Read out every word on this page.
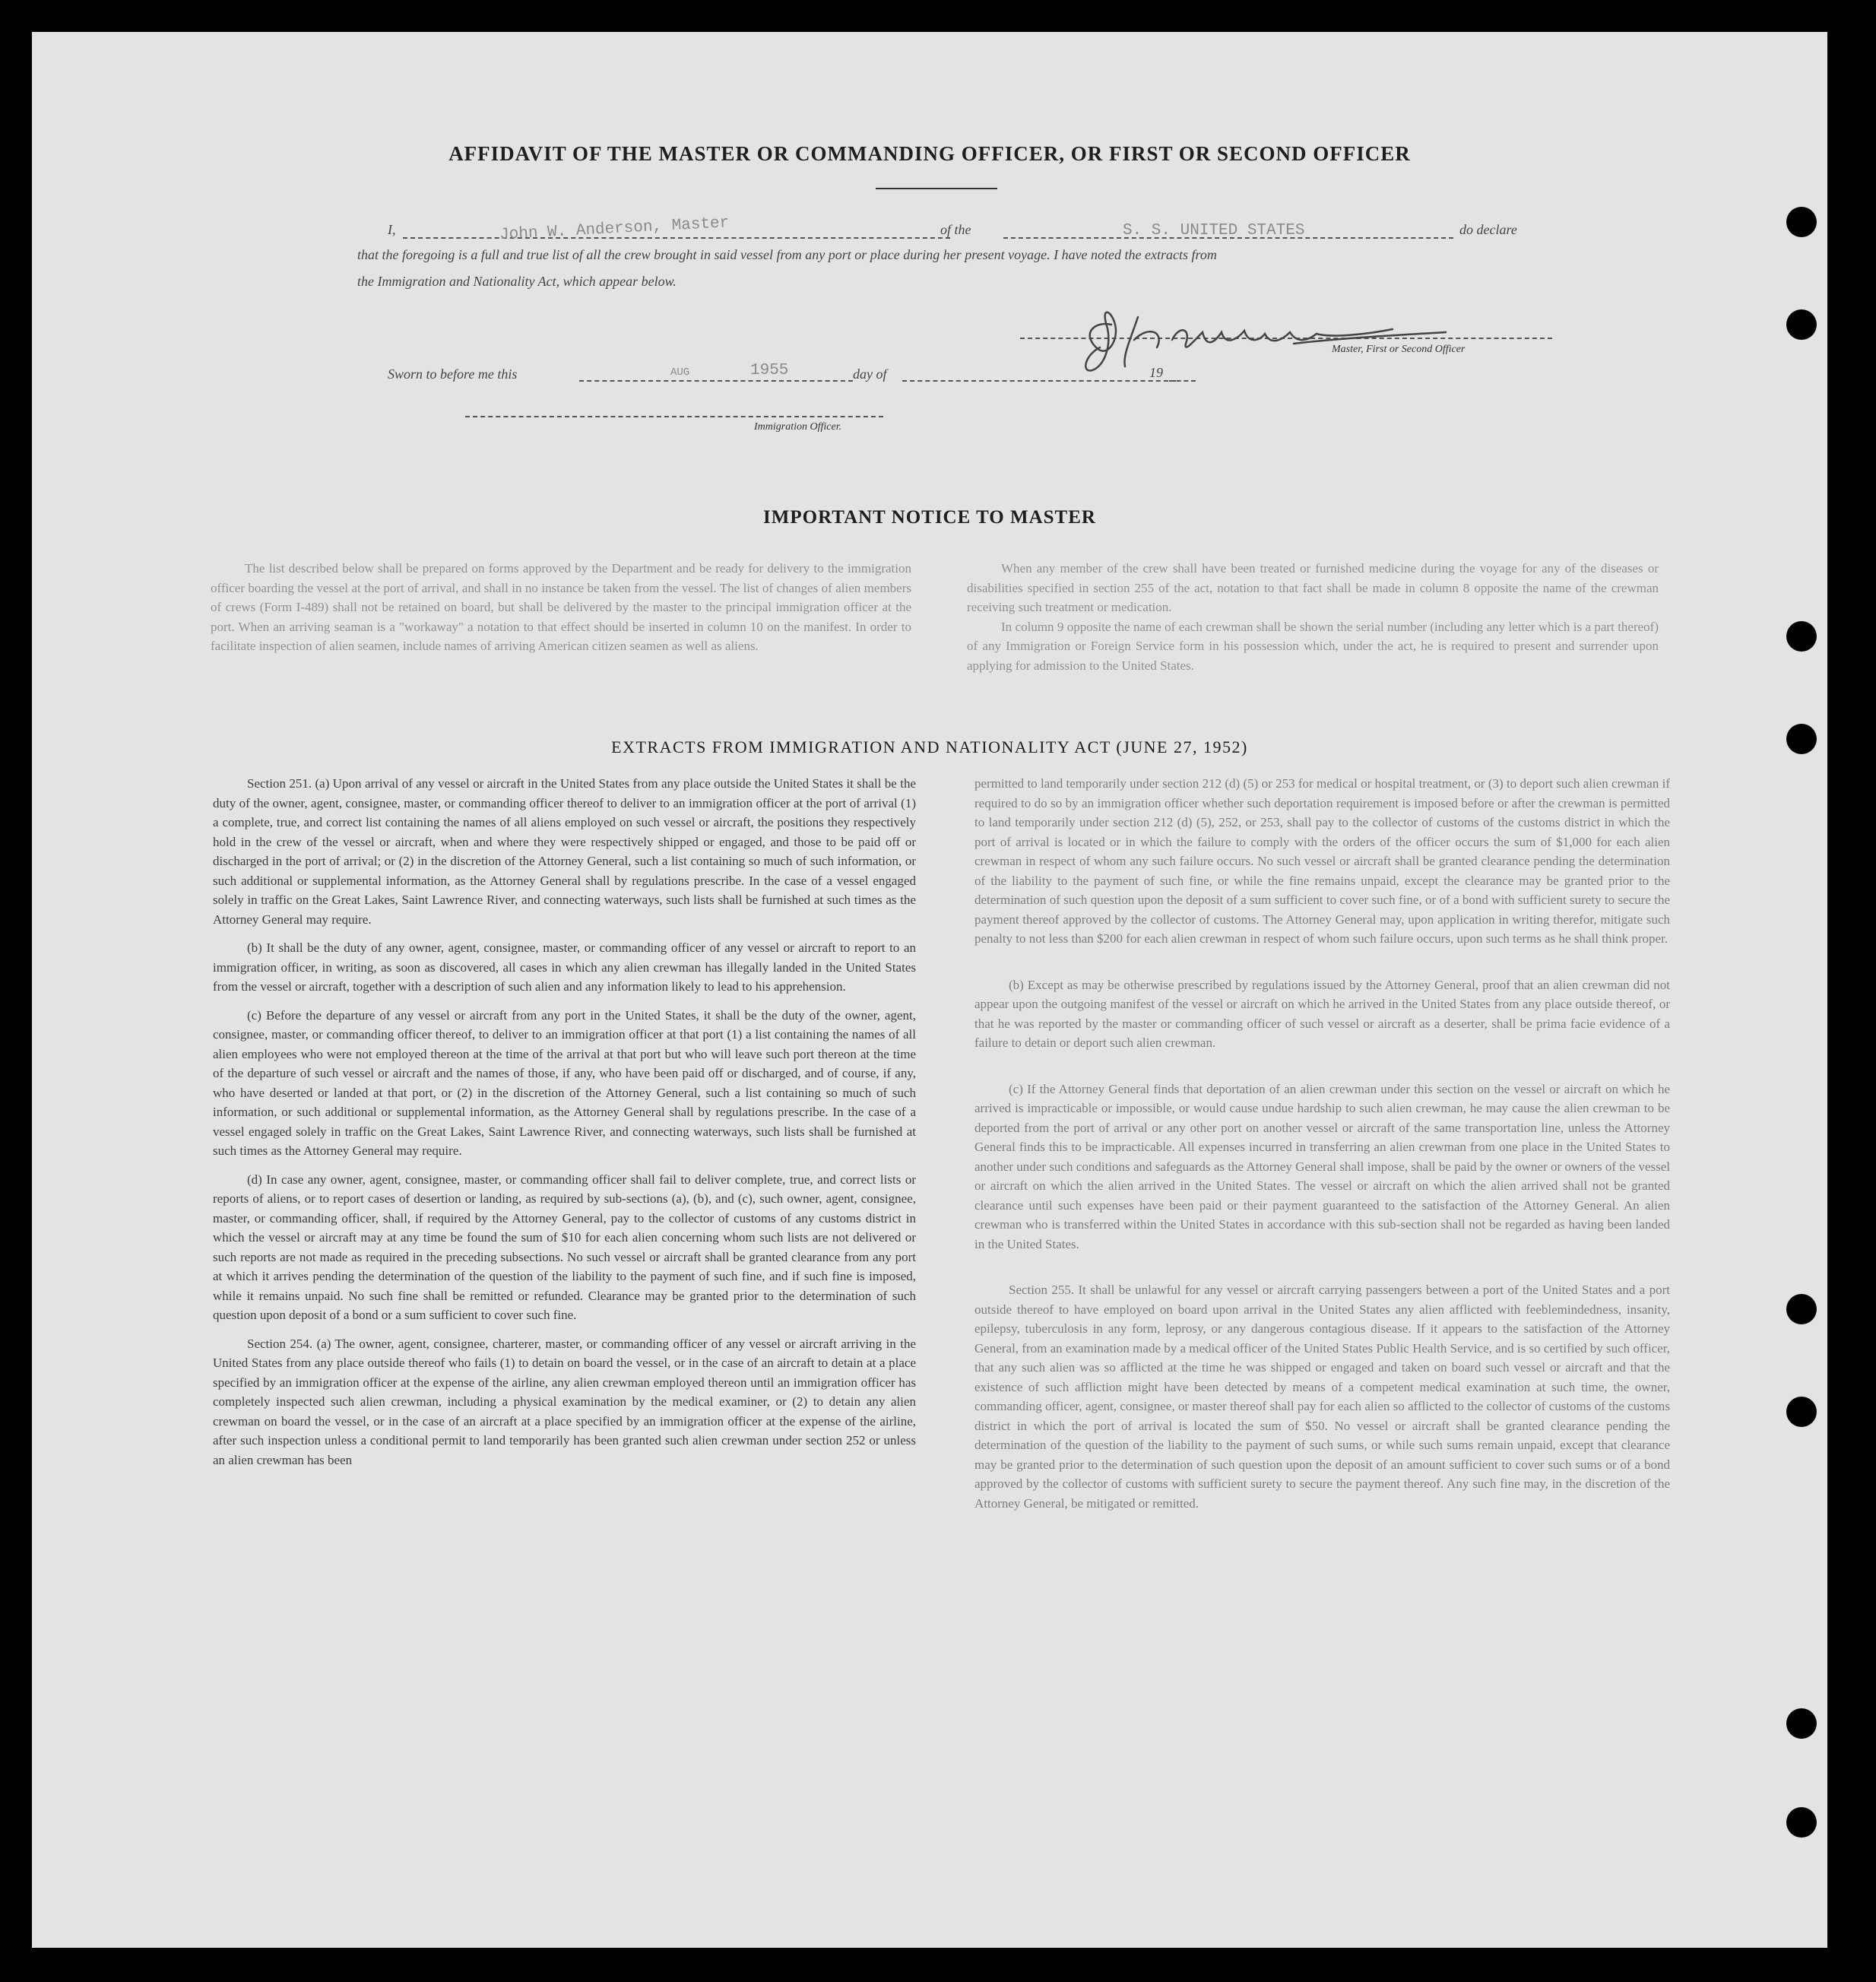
AFFIDAVIT OF THE MASTER OR COMMANDING OFFICER, OR FIRST OR SECOND OFFICER
I,	John W. Anderson, Master	of the	S. S. UNITED STATES	do declare
that the foregoing is a full and true list of all the crew brought in said vessel from any port or place during her present voyage. I have noted the extracts from
the Immigration and Nationality Act, which appear below.
Master, First or Second Officer
Sworn to before me this	AUG	1955	day of	19
Immigration Officer.
IMPORTANT NOTICE TO MASTER

The list described below shall be prepared on forms approved by the Department and be ready for delivery to the immigration officer boarding the vessel at the port of arrival, and shall in no instance be taken from the vessel. The list of changes of alien members of crews (Form I-489) shall not be retained on board, but shall be delivered by the master to the principal immigration officer at the port. When an arriving seaman is a "workaway" a notation to that effect should be inserted in column 10 on the manifest. In order to facilitate inspection of alien seamen, include names of arriving American citizen seamen as well as aliens.

When any member of the crew shall have been treated or furnished medicine during the voyage for any of the diseases or disabilities specified in section 255 of the act, notation to that fact shall be made in column 8 opposite the name of the crewman receiving such treatment or medication.

In column 9 opposite the name of each crewman shall be shown the serial number (including any letter which is a part thereof) of any Immigration or Foreign Service form in his possession which, under the act, he is required to present and surrender upon applying for admission to the United States.

EXTRACTS FROM IMMIGRATION AND NATIONALITY ACT (JUNE 27, 1952)

Section 251. (a) Upon arrival of any vessel or aircraft in the United States from any place outside the United States it shall be the duty of the owner, agent, consignee, master, or commanding officer thereof to deliver to an immigration officer at the port of arrival (1) a complete, true, and correct list containing the names of all aliens employed on such vessel or aircraft, the positions they respectively hold in the crew of the vessel or aircraft, when and where they were respectively shipped or engaged, and those to be paid off or discharged in the port of arrival; or (2) in the discretion of the Attorney General, such a list containing so much of such information, or such additional or supplemental information, as the Attorney General shall by regulations prescribe. In the case of a vessel engaged solely in traffic on the Great Lakes, Saint Lawrence River, and connecting waterways, such lists shall be furnished at such times as the Attorney General may require.

(b) It shall be the duty of any owner, agent, consignee, master, or commanding officer of any vessel or aircraft to report to an immigration officer, in writing, as soon as discovered, all cases in which any alien crewman has illegally landed in the United States from the vessel or aircraft, together with a description of such alien and any information likely to lead to his apprehension.

(c) Before the departure of any vessel or aircraft from any port in the United States, it shall be the duty of the owner, agent, consignee, master, or commanding officer thereof, to deliver to an immigration officer at that port (1) a list containing the names of all alien employees who were not employed thereon at the time of the arrival at that port but who will leave such port thereon at the time of the departure of such vessel or aircraft and the names of those, if any, who have been paid off or discharged, and of course, if any, who have deserted or landed at that port, or (2) in the discretion of the Attorney General, such a list containing so much of such information, or such additional or supplemental information, as the Attorney General shall by regulations prescribe. In the case of a vessel engaged solely in traffic on the Great Lakes, Saint Lawrence River, and connecting waterways, such lists shall be furnished at such times as the Attorney General may require.

(d) In case any owner, agent, consignee, master, or commanding officer shall fail to deliver complete, true, and correct lists or reports of aliens, or to report cases of desertion or landing, as required by sub-sections (a), (b), and (c), such owner, agent, consignee, master, or commanding officer, shall, if required by the Attorney General, pay to the collector of customs of any customs district in which the vessel or aircraft may at any time be found the sum of $10 for each alien concerning whom such lists are not delivered or such reports are not made as required in the preceding subsections. No such vessel or aircraft shall be granted clearance from any port at which it arrives pending the determination of the question of the liability to the payment of such fine, and if such fine is imposed, while it remains unpaid. No such fine shall be remitted or refunded. Clearance may be granted prior to the determination of such question upon deposit of a bond or a sum sufficient to cover such fine.

Section 254. (a) The owner, agent, consignee, charterer, master, or commanding officer of any vessel or aircraft arriving in the United States from any place outside thereof who fails (1) to detain on board the vessel, or in the case of an aircraft to detain at a place specified by an immigration officer at the expense of the airline, any alien crewman employed thereon until an immigration officer has completely inspected such alien crewman, including a physical examination by the medical examiner, or (2) to detain any alien crewman on board the vessel, or in the case of an aircraft at a place specified by an immigration officer at the expense of the airline, after such inspection unless a conditional permit to land temporarily has been granted such alien crewman under section 252 or unless an alien crewman has been

permitted to land temporarily under section 212 (d) (5) or 253 for medical or hospital treatment, or (3) to deport such alien crewman if required to do so by an immigration officer whether such deportation requirement is imposed before or after the crewman is permitted to land temporarily under section 212 (d) (5), 252, or 253, shall pay to the collector of customs of the customs district in which the port of arrival is located or in which the failure to comply with the orders of the officer occurs the sum of $1,000 for each alien crewman in respect of whom any such failure occurs. No such vessel or aircraft shall be granted clearance pending the determination of the liability to the payment of such fine, or while the fine remains unpaid, except the clearance may be granted prior to the determination of such question upon the deposit of a sum sufficient to cover such fine, or of a bond with sufficient surety to secure the payment thereof approved by the collector of customs. The Attorney General may, upon application in writing therefor, mitigate such penalty to not less than $200 for each alien crewman in respect of whom such failure occurs, upon such terms as he shall think proper.

(b) Except as may be otherwise prescribed by regulations issued by the Attorney General, proof that an alien crewman did not appear upon the outgoing manifest of the vessel or aircraft on which he arrived in the United States from any place outside thereof, or that he was reported by the master or commanding officer of such vessel or aircraft as a deserter, shall be prima facie evidence of a failure to detain or deport such alien crewman.

(c) If the Attorney General finds that deportation of an alien crewman under this section on the vessel or aircraft on which he arrived is impracticable or impossible, or would cause undue hardship to such alien crewman, he may cause the alien crewman to be deported from the port of arrival or any other port on another vessel or aircraft of the same transportation line, unless the Attorney General finds this to be impracticable. All expenses incurred in transferring an alien crewman from one place in the United States to another under such conditions and safeguards as the Attorney General shall impose, shall be paid by the owner or owners of the vessel or aircraft on which the alien arrived in the United States. The vessel or aircraft on which the alien arrived shall not be granted clearance until such expenses have been paid or their payment guaranteed to the satisfaction of the Attorney General. An alien crewman who is transferred within the United States in accordance with this sub-section shall not be regarded as having been landed in the United States.

Section 255. It shall be unlawful for any vessel or aircraft carrying passengers between a port of the United States and a port outside thereof to have employed on board upon arrival in the United States any alien afflicted with feeblemindedness, insanity, epilepsy, tuberculosis in any form, leprosy, or any dangerous contagious disease. If it appears to the satisfaction of the Attorney General, from an examination made by a medical officer of the United States Public Health Service, and is so certified by such officer, that any such alien was so afflicted at the time he was shipped or engaged and taken on board such vessel or aircraft and that the existence of such affliction might have been detected by means of a competent medical examination at such time, the owner, commanding officer, agent, consignee, or master thereof shall pay for each alien so afflicted to the collector of customs of the customs district in which the port of arrival is located the sum of $50. No vessel or aircraft shall be granted clearance pending the determination of the question of the liability to the payment of such sums, or while such sums remain unpaid, except that clearance may be granted prior to the determination of such question upon the deposit of an amount sufficient to cover such sums or of a bond approved by the collector of customs with sufficient surety to secure the payment thereof. Any such fine may, in the discretion of the Attorney General, be mitigated or remitted.
